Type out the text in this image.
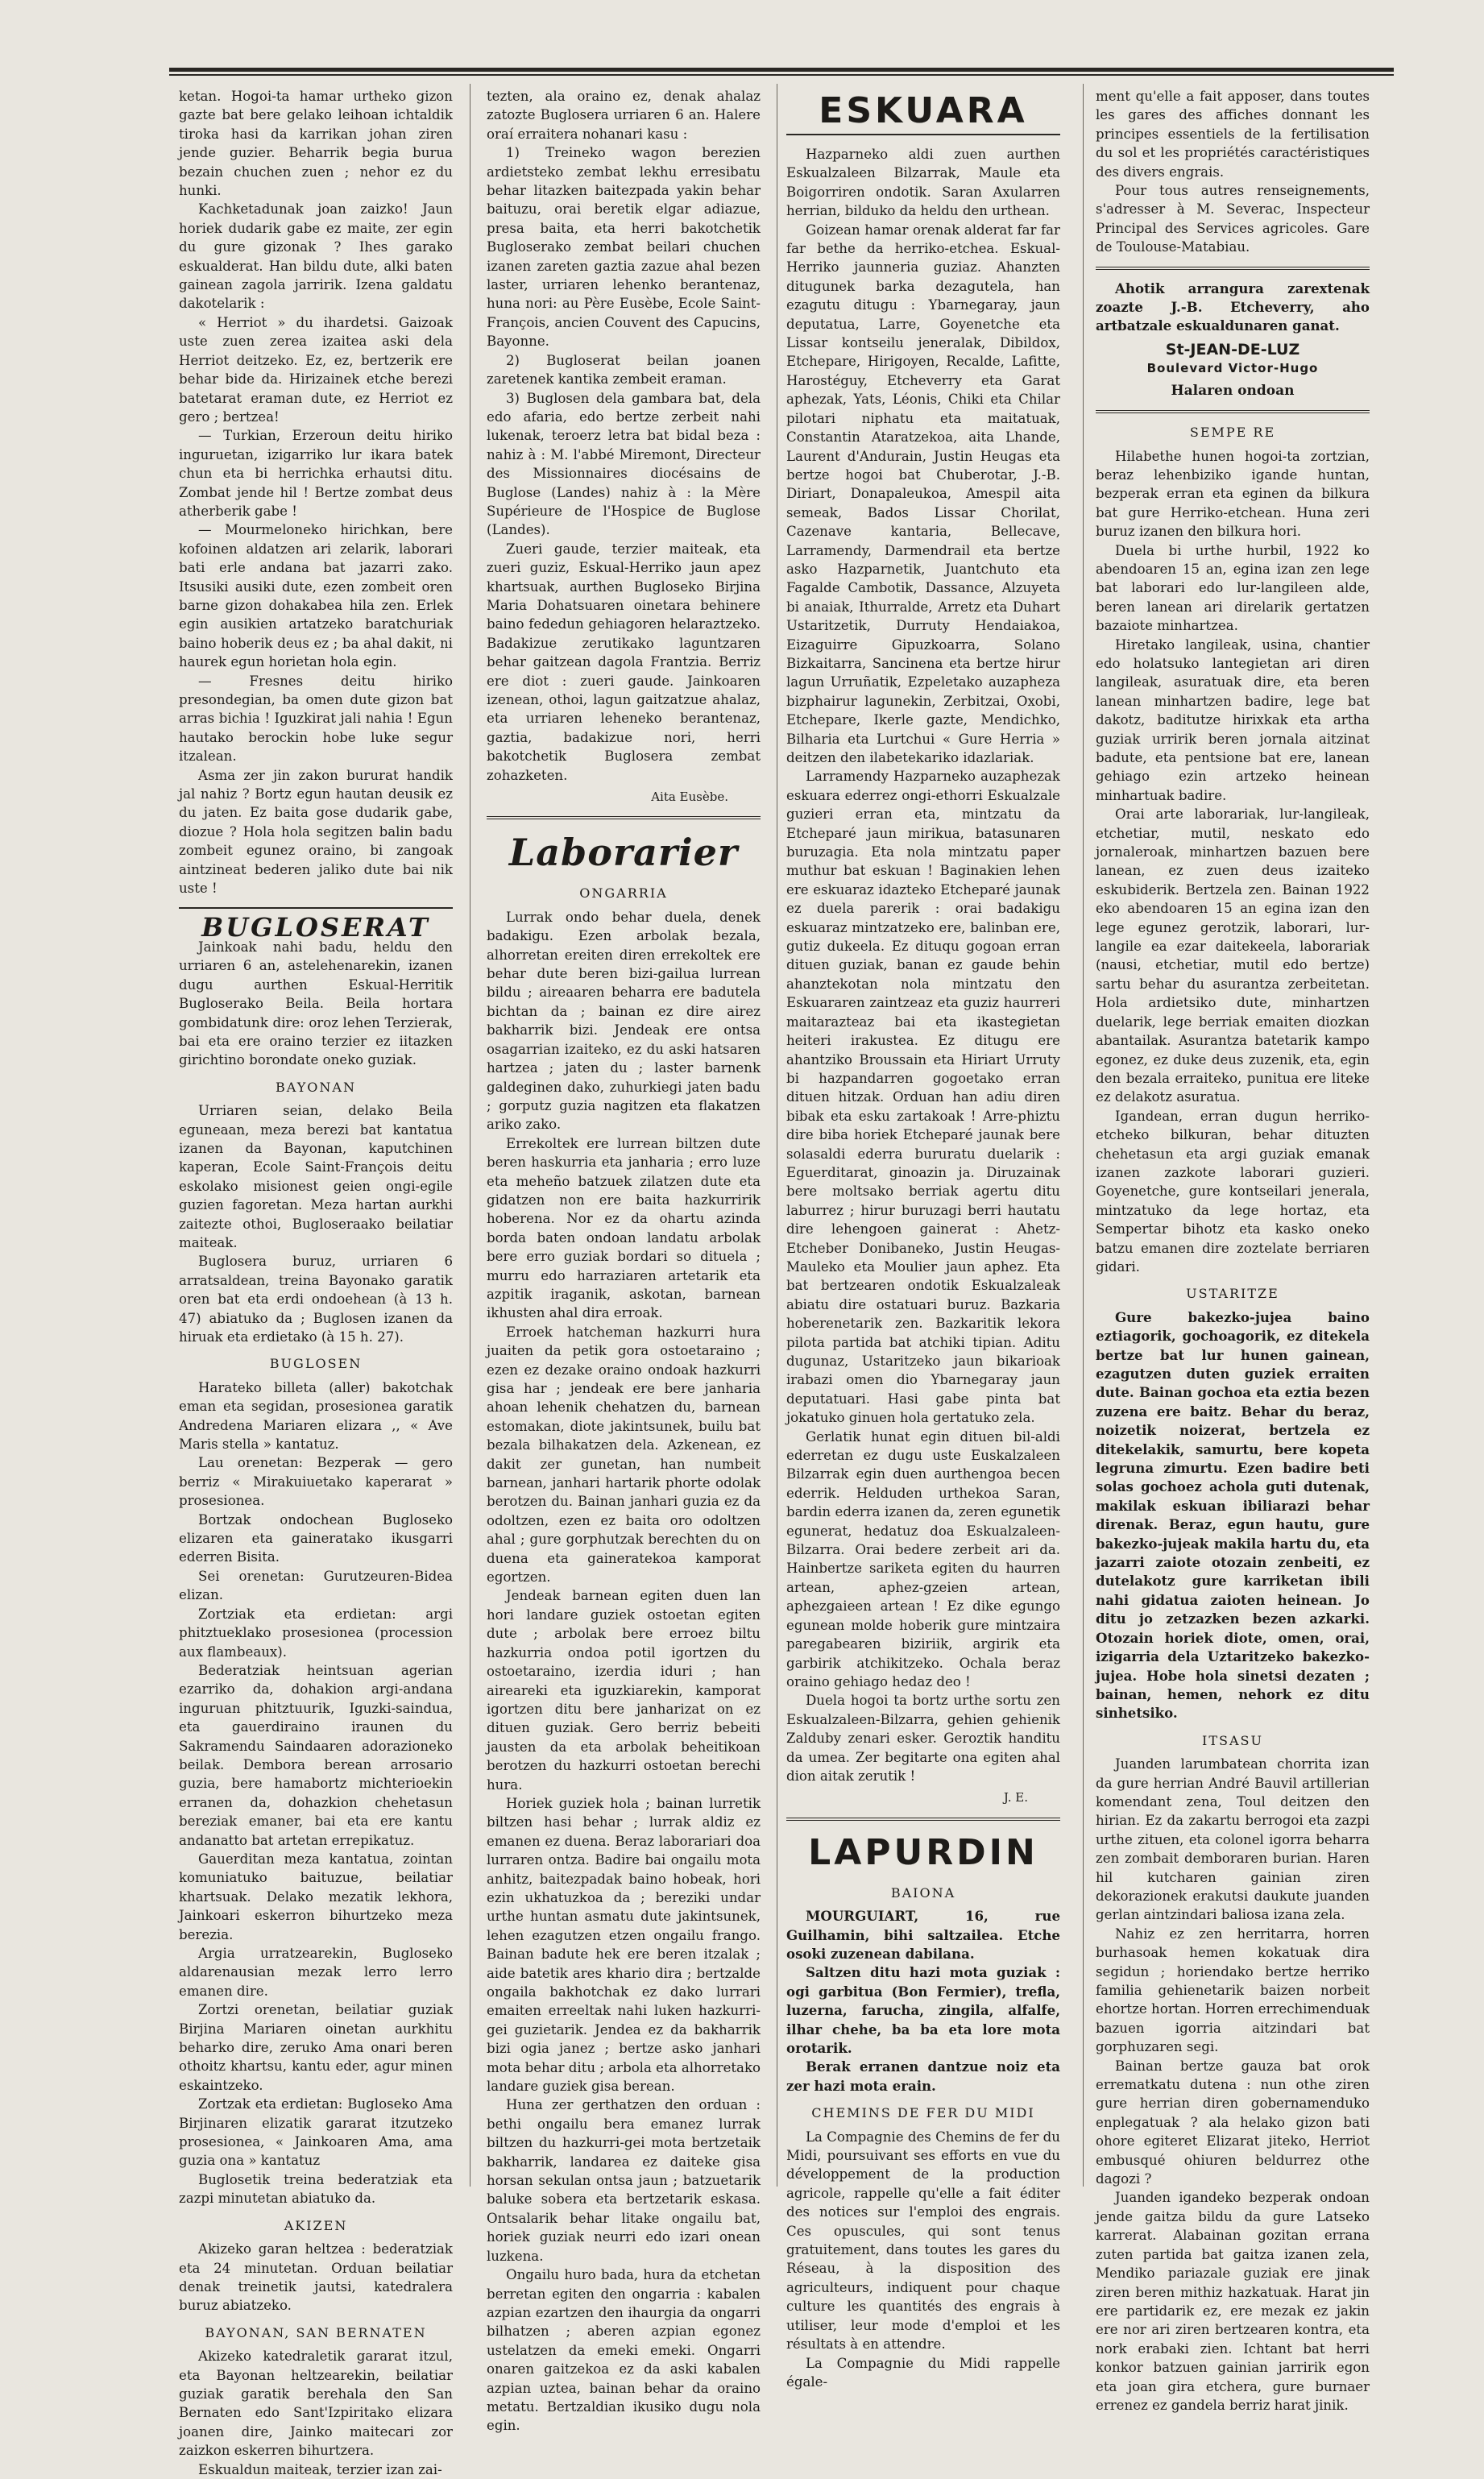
ketan. Hogoi-ta hamar urtheko gizon gazte bat bere gelako leihoan ichtaldik tiroka hasi da karrikan johan ziren jende guzier. Beharrik begia burua bezain chuchen zuen ; nehor ez du hunki.

Kachketadunak joan zaizko! Jaun horiek dudarik gabe ez maite, zer egin du gure gizonak ? Ihes garako eskualderat. Han bildu dute, alki baten gainean zagola jarririk. Izena galdatu dakotelarik :

« Herriot » du ihardetsi. Gaizoak uste zuen zerea izaitea aski dela Herriot deitzeko. Ez, ez, bertzerik ere behar bide da. Hirizainek etche berezi batetarat eraman dute, ez Herriot ez gero ; bertzea!

— Turkian, Erzeroun deitu hiriko inguruetan, izigarriko lur ikara batek chun eta bi herrichka erhautsi ditu. Zombat jende hil ! Bertze zombat deus atherberik gabe !

— Mourmeloneko hirichkan, bere kofoinen aldatzen ari zelarik, laborari bati erle andana bat jazarri zako. Itsusiki ausiki dute, ezen zombeit oren barne gizon dohakabea hila zen. Erlek egin ausikien artatzeko baratchuriak baino hoberik deus ez ; ba ahal dakit, ni haurek egun horietan hola egin.

— Fresnes deitu hiriko presondegian, ba omen dute gizon bat arras bichia ! Iguzkirat jali nahia ! Egun hautako berockin hobe luke segur itzalean.

Asma zer jin zakon bururat handik jal nahiz ? Bortz egun hautan deusik ez du jaten. Ez baita gose dudarik gabe, diozue ? Hola hola segitzen balin badu zombeit egunez oraino, bi zangoak aintzineat bederen jaliko dute bai nik uste !

BUGLOSERAT

Jainkoak nahi badu, heldu den urriaren 6 an, astelehenarekin, izanen dugu aurthen Eskual-Herritik Bugloserako Beila. Beila hortara gombidatunk dire: oroz lehen Terzierak, bai eta ere oraino terzier ez iitazken girichtino borondate oneko guziak.

BAYONAN

Urriaren seian, delako Beila eguneaan, meza berezi bat kantatua izanen da Bayonan, kaputchinen kaperan, Ecole Saint-François deitu eskolako misionest geien ongi-egile guzien fagoretan. Meza hartan aurkhi zaitezte othoi, Bugloseraako beilatiar maiteak.

Buglosera buruz, urriaren 6 arratsaldean, treina Bayonako garatik oren bat eta erdi ondoehean (à 13 h. 47) abiatuko da ; Buglosen izanen da hiruak eta erdietako (à 15 h. 27).

BUGLOSEN

Harateko billeta (aller) bakotchak eman eta segidan, prosesionea garatik Andredena Mariaren elizara ,, « Ave Maris stella » kantatuz.

Lau orenetan: Bezperak — gero berriz « Mirakuiuetako kaperarat » prosesionea.

Bortzak ondochean Bugloseko elizaren eta gaineratako ikusgarri ederren Bisita.

Sei orenetan: Gurutzeuren-Bidea elizan.

Zortziak eta erdietan: argi phitztueklako prosesionea (procession aux flambeaux).

Bederatziak heintsuan agerian ezarriko da, dohakion argi-andana inguruan phitztuurik, Iguzki-saindua, eta gauerdiraino iraunen du Sakramendu Saindaaren adorazioneko beilak. Dembora berean arrosario guzia, bere hamabortz michterioekin erranen da, dohazkion chehetasun bereziak emaner, bai eta ere kantu andanatto bat artetan errepikatuz.

Gauerditan meza kantatua, zointan komuniatuko baituzue, beilatiar khartsuak. Delako mezatik lekhora, Jainkoari eskerron bihurtzeko meza berezia.

Argia urratzearekin, Bugloseko aldarenausian mezak lerro lerro emanen dire.

Zortzi orenetan, beilatiar guziak Birjina Mariaren oinetan aurkhitu beharko dire, zeruko Ama onari beren othoitz khartsu, kantu eder, agur minen eskaintzeko.

Zortzak eta erdietan: Bugloseko Ama Birjinaren elizatik gararat itzutzeko prosesionea, « Jainkoaren Ama, ama guzia ona » kantatuz

Buglosetik treina bederatziak eta zazpi minutetan abiatuko da.

AKIZEN

Akizeko garan heltzea : bederatziak eta 24 minutetan. Orduan beilatiar denak treinetik jautsi, katedralera buruz abiatzeko.

BAYONAN, SAN BERNATEN

Akizeko katedraletik gararat itzul, eta Bayonan heltzearekin, beilatiar guziak garatik berehala den San Bernaten edo Sant'Izpiritako elizara joanen dire, Jainko maitecari zor zaizkon eskerren bihurtzera.

Eskualdun maiteak, terzier izan zai-

tezten, ala oraino ez, denak ahalaz zatozte Buglosera urriaren 6 an. Halere oraí erraitera nohanari kasu :

1) Treineko wagon berezien ardietsteko zembat lekhu erresibatu behar litazken baitezpada yakin behar baituzu, orai beretik elgar adiazue, presa baita, eta herri bakotchetik Bugloserako zembat beilari chuchen izanen zareten gaztia zazue ahal bezen laster, urriaren lehenko berantenaz, huna nori: au Père Eusèbe, Ecole Saint-François, ancien Couvent des Capucins, Bayonne.

2) Bugloserat beilan joanen zaretenek kantika zembeit eraman.

3) Buglosen dela gambara bat, dela edo afaria, edo bertze zerbeit nahi lukenak, teroerz letra bat bidal beza : nahiz à : M. l'abbé Miremont, Directeur des Missionnaires diocésains de Buglose (Landes) nahiz à : la Mère Supérieure de l'Hospice de Buglose (Landes).

Zueri gaude, terzier maiteak, eta zueri guziz, Eskual-Herriko jaun apez khartsuak, aurthen Bugloseko Birjina Maria Dohatsuaren oinetara behinere baino fededun gehiagoren helaraztzeko. Badakizue zerutikako laguntzaren behar gaitzean dagola Frantzia. Berriz ere diot : zueri gaude. Jainkoaren izenean, othoi, lagun gaitzatzue ahalaz, eta urriaren leheneko berantenaz, gaztia, badakizue nori, herri bakotchetik Buglosera zembat zohazketen.

Aita Eusèbe.

Laborarier

ONGARRIA

Lurrak ondo behar duela, denek badakigu. Ezen arbolak bezala, alhorretan ereiten diren errekoltek ere behar dute beren bizi-gailua lurrean bildu ; aireaaren beharra ere badutela bichtan da ; bainan ez dire airez bakharrik bizi. Jendeak ere ontsa osagarrian izaiteko, ez du aski hatsaren hartzea ; jaten du ; laster barnenk galdeginen dako, zuhurkiegi jaten badu ; gorputz guzia nagitzen eta flakatzen ariko zako.

Errekoltek ere lurrean biltzen dute beren haskurria eta janharia ; erro luze eta meheño batzuek zilatzen dute eta gidatzen non ere baita hazkurririk hoberena. Nor ez da ohartu azinda borda baten ondoan landatu arbolak bere erro guziak bordari so dituela ; murru edo harraziaren artetarik eta azpitik iraganik, askotan, barnean ikhusten ahal dira erroak.

Erroek hatcheman hazkurri hura juaiten da petik gora ostoetaraino ; ezen ez dezake oraino ondoak hazkurri gisa har ; jendeak ere bere janharia ahoan lehenik chehatzen du, barnean estomakan, diote jakintsunek, builu bat bezala bilhakatzen dela. Azkenean, ez dakit zer gunetan, han numbeit barnean, janhari hartarik phorte odolak berotzen du. Bainan janhari guzia ez da odoltzen, ezen ez baita oro odoltzen ahal ; gure gorphutzak berechten du on duena eta gaineratekoa kamporat egortzen.

Jendeak barnean egiten duen lan hori landare guziek ostoetan egiten dute ; arbolak bere erroez biltu hazkurria ondoa potil igortzen du ostoetaraino, izerdia iduri ; han aireareki eta iguzkiarekin, kamporat igortzen ditu bere janharizat on ez dituen guziak. Gero berriz bebeiti jausten da eta arbolak beheitikoan berotzen du hazkurri ostoetan berechi hura.

Horiek guziek hola ; bainan lurretik biltzen hasi behar ; lurrak aldiz ez emanen ez duena. Beraz laborariari doa lurraren ontza. Badire bai ongailu mota anhitz, baitezpadak baino hobeak, hori ezin ukhatuzkoa da ; bereziki undar urthe huntan asmatu dute jakintsunek, lehen ezagutzen etzen ongailu frango. Bainan badute hek ere beren itzalak ; aide batetik ares khario dira ; bertzalde ongaila bakhotchak ez dako lurrari emaiten erreeltak nahi luken hazkurri-gei guzietarik. Jendea ez da bakharrik bizi ogia janez ; bertze asko janhari mota behar ditu ; arbola eta alhorretako landare guziek gisa berean.

Huna zer gerthatzen den orduan : bethi ongailu bera emanez lurrak biltzen du hazkurri-gei mota bertzetaik bakharrik, landarea ez daiteke gisa horsan sekulan ontsa jaun ; batzuetarik baluke sobera eta bertzetarik eskasa. Ontsalarik behar litake ongailu bat, horiek guziak neurri edo izari onean luzkena.

Ongailu huro bada, hura da etchetan berretan egiten den ongarria : kabalen azpian ezartzen den ihaurgia da ongarri bilhatzen ; aberen azpian egonez ustelatzen da emeki emeki. Ongarri onaren gaitzekoa ez da aski kabalen azpian uztea, bainan behar da oraino metatu. Bertzaldian ikusiko dugu nola egin.

ESKUARA

Hazparneko aldi zuen aurthen Eskualzaleen Bilzarrak, Maule eta Boigorriren ondotik. Saran Axularren herrian, bilduko da heldu den urthean.

Goizean hamar orenak alderat far far far bethe da herriko-etchea. Eskual-Herriko jaunneria guziaz. Ahanzten ditugunek barka dezagutela, han ezagutu ditugu : Ybarnegaray, jaun deputatua, Larre, Goyenetche eta Lissar kontseilu jeneralak, Dibildox, Etchepare, Hirigoyen, Recalde, Lafitte, Harostéguy, Etcheverry eta Garat aphezak, Yats, Léonis, Chiki eta Chilar pilotari niphatu eta maitatuak, Constantin Ataratzekoa, aita Lhande, Laurent d'Andurain, Justin Heugas eta bertze hogoi bat Chuberotar, J.-B. Diriart, Donapaleukoa, Amespil aita semeak, Bados Lissar Chorilat, Cazenave kantaria, Bellecave, Larramendy, Darmendrail eta bertze asko Hazparnetik, Juantchuto eta Fagalde Cambotik, Dassance, Alzuyeta bi anaiak, Ithurralde, Arretz eta Duhart Ustaritzetik, Durruty Hendaiakoa, Eizaguirre Gipuzkoarra, Solano Bizkaitarra, Sancinena eta bertze hirur lagun Urruñatik, Ezpeletako auzapheza bizphairur lagunekin, Zerbitzai, Oxobi, Etchepare, Ikerle gazte, Mendichko, Bilharia eta Lurtchui « Gure Herria » deitzen den ilabetekariko idazlariak.

Larramendy Hazparneko auzaphezak eskuara ederrez ongi-ethorri Eskualzale guzieri erran eta, mintzatu da Etcheparé jaun mirikua, batasunaren buruzagia. Eta nola mintzatu paper muthur bat eskuan ! Baginakien lehen ere eskuaraz idazteko Etcheparé jaunak ez duela parerik : orai badakigu eskuaraz mintzatzeko ere, balinban ere, gutiz dukeela. Ez dituqu gogoan erran dituen guziak, banan ez gaude behin ahanztekotan nola mintzatu den Eskuararen zaintzeaz eta guziz haurreri maitarazteaz bai eta ikastegietan heiteri irakustea. Ez ditugu ere ahantziko Broussain eta Hiriart Urruty bi hazpandarren gogoetako erran dituen hitzak. Orduan han adiu diren bibak eta esku zartakoak ! Arre-phiztu dire biba horiek Etcheparé jaunak bere solasaldi ederra bururatu duelarik : Eguerditarat, ginoazin ja. Diruzainak bere moltsako berriak agertu ditu laburrez ; hirur buruzagi berri hautatu dire lehengoen gainerat : Ahetz-Etcheber Donibaneko, Justin Heugas-Mauleko eta Moulier jaun aphez. Eta bat bertzearen ondotik Eskualzaleak abiatu dire ostatuari buruz. Bazkaria hoberenetarik zen. Bazkaritik lekora pilota partida bat atchiki tipian. Aditu dugunaz, Ustaritzeko jaun bikarioak irabazi omen dio Ybarnegaray jaun deputatuari. Hasi gabe pinta bat jokatuko ginuen hola gertatuko zela.

Gerlatik hunat egin dituen bil-aldi ederretan ez dugu uste Euskalzaleen Bilzarrak egin duen aurthengoa becen ederrik. Helduden urthekoa Saran, bardin ederra izanen da, zeren egunetik egunerat, hedatuz doa Eskualzaleen-Bilzarra. Orai bedere zerbeit ari da. Hainbertze sariketa egiten du haurren artean, aphez-gzeien artean, aphezgaieen artean ! Ez dike egungo egunean molde hoberik gure mintzaira paregabearen biziriik, argirik eta garbirik atchikitzeko. Ochala beraz oraino gehiago hedaz deo !

Duela hogoi ta bortz urthe sortu zen Eskualzaleen-Bilzarra, gehien gehienik Zalduby zenari esker. Geroztik handitu da umea. Zer begitarte ona egiten ahal dion aitak zerutik !

J. E.

LAPURDIN

BAIONA

MOURGUIART, 16, rue Guilhamin, bihi saltzailea. Etche osoki zuzenean dabilana.

Saltzen ditu hazi mota guziak : ogi garbitua (Bon Fermier), trefla, luzerna, farucha, zingila, alfalfe, ilhar chehe, ba ba eta lore mota orotarik.

Berak erranen dantzue noiz eta zer hazi mota erain.

CHEMINS DE FER DU MIDI

La Compagnie des Chemins de fer du Midi, poursuivant ses efforts en vue du développement de la production agricole, rappelle qu'elle a fait éditer des notices sur l'emploi des engrais. Ces opuscules, qui sont tenus gratuitement, dans toutes les gares du Réseau, à la disposition des agriculteurs, indiquent pour chaque culture les quantités des engrais à utiliser, leur mode d'emploi et les résultats à en attendre.

La Compagnie du Midi rappelle égale-

ment qu'elle a fait apposer, dans toutes les gares des affiches donnant les principes essentiels de la fertilisation du sol et les propriétés caractéristiques des divers engrais.

Pour tous autres renseignements, s'adresser à M. Severac, Inspecteur Principal des Services agricoles. Gare de Toulouse-Matabiau.

Ahotik arrangura zarextenak zoazte J.-B. Etcheverry, aho artbatzale eskualdunaren ganat.

St-JEAN-DE-LUZ

Boulevard Victor-Hugo

Halaren ondoan

SEMPE RE

Hilabethe hunen hogoi-ta zortzian, beraz lehenbiziko igande huntan, bezperak erran eta eginen da bilkura bat gure Herriko-etchean. Huna zeri buruz izanen den bilkura hori.

Duela bi urthe hurbil, 1922 ko abendoaren 15 an, egina izan zen lege bat laborari edo lur-langileen alde, beren lanean ari direlarik gertatzen bazaiote minhartzea.

Hiretako langileak, usina, chantier edo holatsuko lantegietan ari diren langileak, asuratuak dire, eta beren lanean minhartzen badire, lege bat dakotz, baditutze hirixkak eta artha guziak urririk beren jornala aitzinat badute, eta pentsione bat ere, lanean gehiago ezin artzeko heinean minhartuak badire.

Orai arte laborariak, lur-langileak, etchetiar, mutil, neskato edo jornaleroak, minhartzen bazuen bere lanean, ez zuen deus izaiteko eskubiderik. Bertzela zen. Bainan 1922 eko abendoaren 15 an egina izan den lege egunez gerotzik, laborari, lur-langile ea ezar daitekeela, laborariak (nausi, etchetiar, mutil edo bertze) sartu behar du asurantza zerbeitetan. Hola ardietsiko dute, minhartzen duelarik, lege berriak emaiten diozkan abantailak. Asurantza batetarik kampo egonez, ez duke deus zuzenik, eta, egin den bezala erraiteko, punitua ere liteke ez delakotz asuratua.

Igandean, erran dugun herriko-etcheko bilkuran, behar dituzten chehetasun eta argi guziak emanak izanen zazkote laborari guzieri. Goyenetche, gure kontseilari jenerala, mintzatuko da lege hortaz, eta Sempertar bihotz eta kasko oneko batzu emanen dire zoztelate berriaren gidari.

USTARITZE

Gure bakezko-jujea baino eztiagorik, gochoagorik, ez ditekela bertze bat lur hunen gainean, ezagutzen duten guziek erraiten dute. Bainan gochoa eta eztia bezen zuzena ere baitz. Behar du beraz, noizetik noizerat, bertzela ez ditekelakik, samurtu, bere kopeta legruna zimurtu. Ezen badire beti solas gochoez achola guti dutenak, makilak eskuan ibiliarazi behar direnak. Beraz, egun hautu, gure bakezko-jujeak makila hartu du, eta jazarri zaiote otozain zenbeiti, ez dutelakotz gure karriketan ibili nahi gidatua zaioten heinean. Jo ditu jo zetzazken bezen azkarki. Otozain horiek diote, omen, orai, izigarria dela Uztaritzeko bakezko-jujea. Hobe hola sinetsi dezaten ; bainan, hemen, nehork ez ditu sinhetsiko.

ITSASU

Juanden larumbatean chorrita izan da gure herrian André Bauvil artillerian komendant zena, Toul deitzen den hirian. Ez da zakartu berrogoi eta zazpi urthe zituen, eta colonel igorra beharra zen zombait demboraren burian. Haren hil kutcharen gainian ziren dekorazionek erakutsi daukute juanden gerlan aintzindari baliosa izana zela.

Nahiz ez zen herritarra, horren burhasoak hemen kokatuak dira segidun ; horiendako bertze herriko familia gehienetarik baizen norbeit ehortze hortan. Horren errechimenduak bazuen igorria aitzindari bat gorphuzaren segi.

Bainan bertze gauza bat orok errematkatu dutena : nun othe ziren gure herrian diren gobernamenduko enplegatuak ? ala helako gizon bati ohore egiteret Elizarat jiteko, Herriot embusqué ohiuren beldurrez othe dagozi ?

Juanden igandeko bezperak ondoan jende gaitza bildu da gure Latseko karrerat. Alabainan gozitan errana zuten partida bat gaitza izanen zela, Mendiko pariazale guziak ere jinak ziren beren mithiz hazkatuak. Harat jin ere partidarik ez, ere mezak ez jakin ere nor ari ziren bertzearen kontra, eta nork erabaki zien. Ichtant bat herri konkor batzuen gainian jarririk egon eta joan gira etchera, gure burnaer errenez ez gandela berriz harat jinik.
